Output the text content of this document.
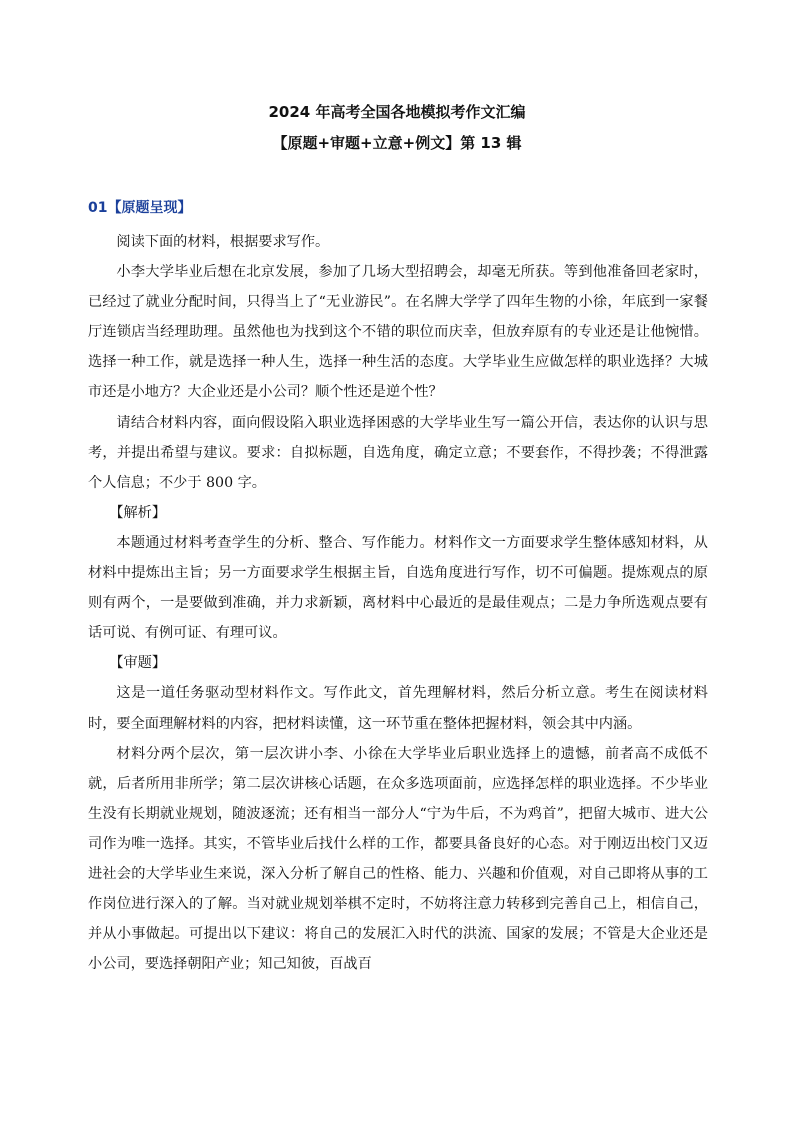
2024 年高考全国各地模拟考作文汇编
【原题+审题+立意+例文】第 13 辑
01【原题呈现】

阅读下面的材料，根据要求写作。

小李大学毕业后想在北京发展，参加了几场大型招聘会，却毫无所获。等到他准备回老家时，已经过了就业分配时间，只得当上了“无业游民”。在名牌大学学了四年生物的小徐，年底到一家餐厅连锁店当经理助理。虽然他也为找到这个不错的职位而庆幸，但放弃原有的专业还是让他惋惜。选择一种工作，就是选择一种人生，选择一种生活的态度。大学毕业生应做怎样的职业选择？大城市还是小地方？大企业还是小公司？顺个性还是逆个性？

请结合材料内容，面向假设陷入职业选择困惑的大学毕业生写一篇公开信，表达你的认识与思考，并提出希望与建议。要求：自拟标题，自选角度，确定立意；不要套作，不得抄袭；不得泄露个人信息；不少于 800 字。

【解析】

本题通过材料考查学生的分析、整合、写作能力。材料作文一方面要求学生整体感知材料，从材料中提炼出主旨；另一方面要求学生根据主旨，自选角度进行写作，切不可偏题。提炼观点的原则有两个，一是要做到准确，并力求新颖，离材料中心最近的是最佳观点；二是力争所选观点要有话可说、有例可证、有理可议。

【审题】

这是一道任务驱动型材料作文。写作此文，首先理解材料，然后分析立意。考生在阅读材料时，要全面理解材料的内容，把材料读懂，这一环节重在整体把握材料，领会其中内涵。

材料分两个层次，第一层次讲小李、小徐在大学毕业后职业选择上的遗憾，前者高不成低不就，后者所用非所学；第二层次讲核心话题，在众多选项面前，应选择怎样的职业选择。不少毕业生没有长期就业规划，随波逐流；还有相当一部分人“宁为牛后，不为鸡首”，把留大城市、进大公司作为唯一选择。其实，不管毕业后找什么样的工作，都要具备良好的心态。对于刚迈出校门又迈进社会的大学毕业生来说，深入分析了解自己的性格、能力、兴趣和价值观，对自己即将从事的工作岗位进行深入的了解。当对就业规划举棋不定时，不妨将注意力转移到完善自己上，相信自己，并从小事做起。可提出以下建议：将自己的发展汇入时代的洪流、国家的发展；不管是大企业还是小公司，要选择朝阳产业；知己知彼，百战百
